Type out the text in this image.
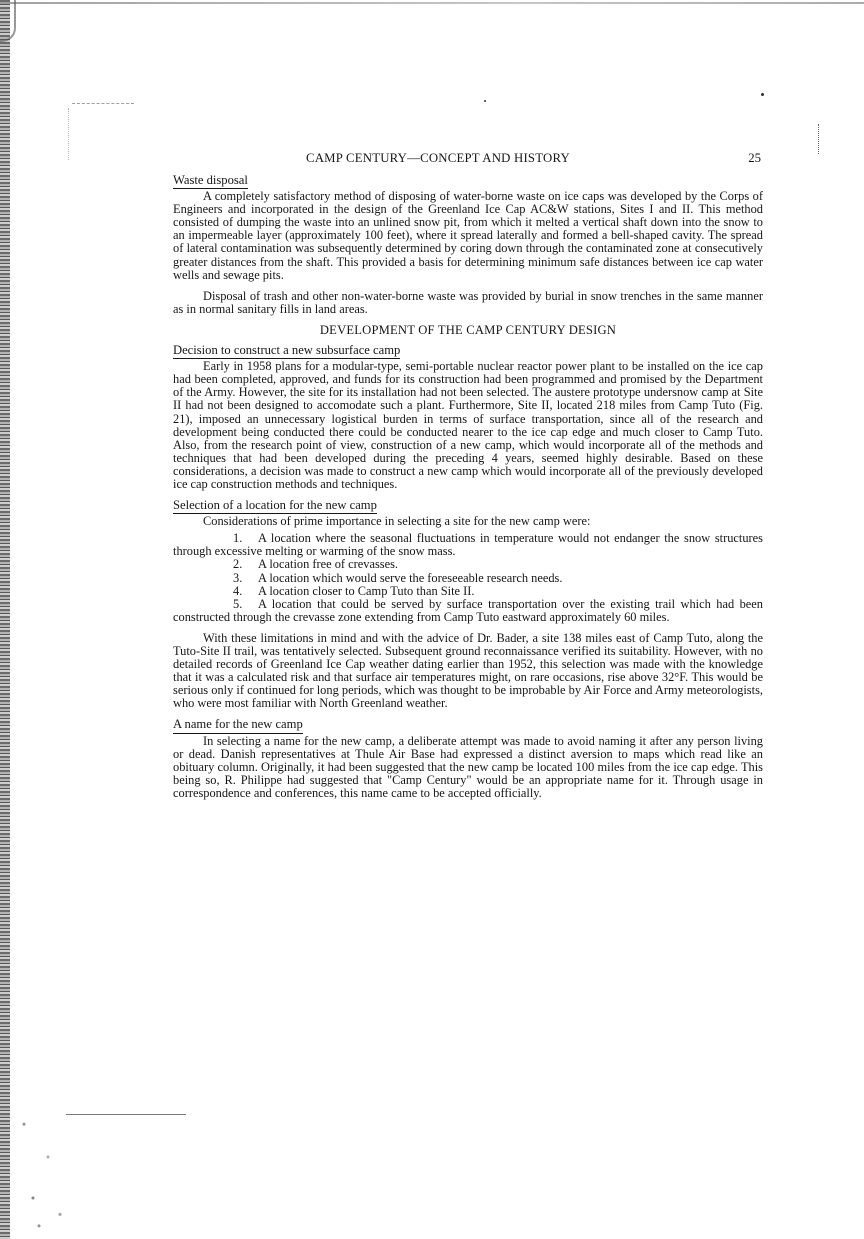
CAMP CENTURY—CONCEPT AND HISTORY	25
Waste disposal

A completely satisfactory method of disposing of water-borne waste on ice caps was developed by the Corps of Engineers and incorporated in the design of the Greenland Ice Cap AC&W stations, Sites I and II. This method consisted of dumping the waste into an unlined snow pit, from which it melted a vertical shaft down into the snow to an impermeable layer (approximately 100 feet), where it spread laterally and formed a bell-shaped cavity. The spread of lateral contamination was subsequently determined by coring down through the contaminated zone at consecutively greater distances from the shaft. This provided a basis for determining minimum safe distances between ice cap water wells and sewage pits.

Disposal of trash and other non-water-borne waste was provided by burial in snow trenches in the same manner as in normal sanitary fills in land areas.

DEVELOPMENT OF THE CAMP CENTURY DESIGN
Decision to construct a new subsurface camp

Early in 1958 plans for a modular-type, semi-portable nuclear reactor power plant to be installed on the ice cap had been completed, approved, and funds for its construction had been programmed and promised by the Department of the Army. However, the site for its installation had not been selected. The austere prototype undersnow camp at Site II had not been designed to accomodate such a plant. Furthermore, Site II, located 218 miles from Camp Tuto (Fig. 21), imposed an unnecessary logistical burden in terms of surface transportation, since all of the research and development being conducted there could be conducted nearer to the ice cap edge and much closer to Camp Tuto. Also, from the research point of view, construction of a new camp, which would incorporate all of the methods and techniques that had been developed during the preceding 4 years, seemed highly desirable. Based on these considerations, a decision was made to construct a new camp which would incorporate all of the previously developed ice cap construction methods and techniques.

Selection of a location for the new camp

Considerations of prime importance in selecting a site for the new camp were:

1. A location where the seasonal fluctuations in temperature would not endanger the snow structures through excessive melting or warming of the snow mass.

2. A location free of crevasses.

3. A location which would serve the foreseeable research needs.

4. A location closer to Camp Tuto than Site II.

5. A location that could be served by surface transportation over the existing trail which had been constructed through the crevasse zone extending from Camp Tuto eastward approximately 60 miles.

With these limitations in mind and with the advice of Dr. Bader, a site 138 miles east of Camp Tuto, along the Tuto-Site II trail, was tentatively selected. Subsequent ground reconnaissance verified its suitability. However, with no detailed records of Greenland Ice Cap weather dating earlier than 1952, this selection was made with the knowledge that it was a calculated risk and that surface air temperatures might, on rare occasions, rise above 32°F. This would be serious only if continued for long periods, which was thought to be improbable by Air Force and Army meteorologists, who were most familiar with North Greenland weather.

A name for the new camp

In selecting a name for the new camp, a deliberate attempt was made to avoid naming it after any person living or dead. Danish representatives at Thule Air Base had expressed a distinct aversion to maps which read like an obituary column. Originally, it had been suggested that the new camp be located 100 miles from the ice cap edge. This being so, R. Philippe had suggested that "Camp Century" would be an appropriate name for it. Through usage in correspondence and conferences, this name came to be accepted officially.
